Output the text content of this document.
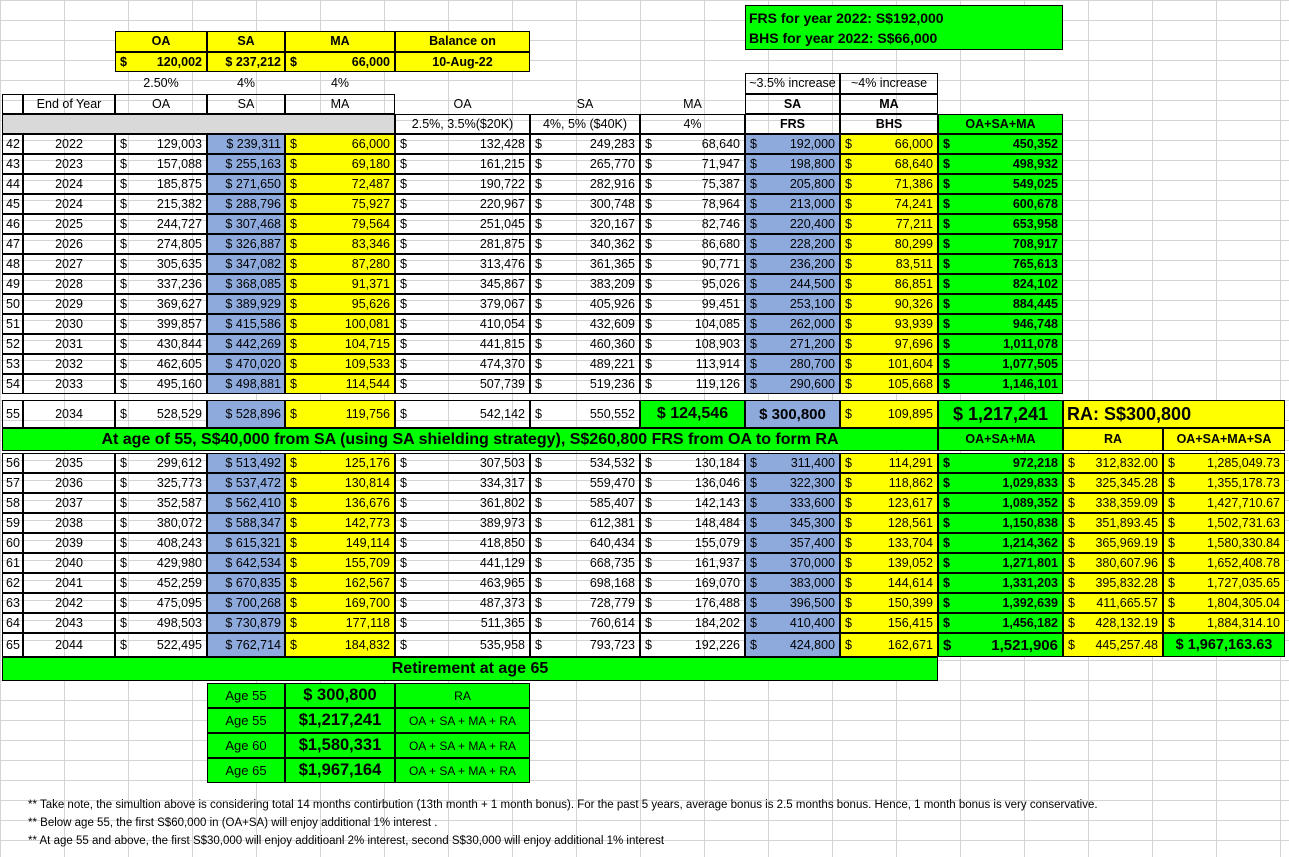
FRS for year 2022: S$192,000
BHS for year 2022: S$66,000
OA	SA	MA	Balance on
$ 120,002	$ 237,212 $	66,000	10-Aug-22
2.50%	4%	4%	~3.5% increase	~4% increase
End of Year	OA	SA	MA	OA	SA	MA	SA	MA
2.5%, 3.5%($20K)	4%, 5% ($40K)	4%	FRS	BHS	OA+SA+MA
42	2022	$ 129,003	$ 239,311 $	66,000 $	132,428 $	249,283 $	68,640 $	192,000 $	66,000 $	450,352
43	2023	$ 157,088	$ 255,163 $	69,180 $	161,215 $	265,770 $	71,947 $	198,800 $	68,640 $	498,932
44	2024	$ 185,875	$ 271,650 $	72,487 $	190,722 $	282,916 $	75,387 $	205,800 $	71,386 $	549,025
45	2024	$ 215,382	$ 288,796 $	75,927 $	220,967 $	300,748 $	78,964 $	213,000 $	74,241 $	600,678
46	2025	$ 244,727	$ 307,468 $	79,564 $	251,045 $	320,167 $	82,746 $	220,400 $	77,211 $	653,958
47	2026	$ 274,805	$ 326,887 $	83,346 $	281,875 $	340,362 $	86,680 $	228,200 $	80,299 $	708,917
48	2027	$ 305,635	$ 347,082 $	87,280 $	313,476 $	361,365 $	90,771 $	236,200 $	83,511 $	765,613
49	2028	$ 337,236	$ 368,085 $	91,371 $	345,867 $	383,209 $	95,026 $	244,500 $	86,851 $	824,102
50	2029	$ 369,627	$ 389,929 $	95,626 $	379,067 $	405,926 $	99,451 $	253,100 $	90,326 $	884,445
51	2030	$ 399,857	$ 415,586 $	100,081 $	410,054 $	432,609 $	104,085 $	262,000 $	93,939 $	946,748
52	2031	$ 430,844	$ 442,269 $	104,715 $	441,815 $	460,360 $	108,903 $	271,200 $	97,696 $	1,011,078
53	2032	$ 462,605	$ 470,020 $	109,533 $	474,370 $	489,221 $	113,914 $	280,700 $	101,604 $	1,077,505
54	2033	$ 495,160	$ 498,881 $	114,544 $	507,739 $	519,236 $	119,126 $	290,600 $	105,668 $	1,146,101
55	2034	$ 528,529	$ 528,896 $	119,756 $	542,142 $	550,552	$ 124,546	$ 300,800	$	109,895	$ 1,217,241	RA: S$300,800
At age of 55, S$40,000 from SA (using SA shielding strategy), S$260,800 FRS from OA to form RA	OA+SA+MA	RA	OA+SA+MA+SA
56	2035	$ 299,612	$ 513,492 $	125,176 $	307,503 $	534,532 $	130,184 $	311,400 $	114,291 $	972,218 $ 312,832.00 $	1,285,049.73
57	2036	$ 325,773	$ 537,472 $	130,814 $	334,317 $	559,470 $	136,046 $	322,300 $	118,862 $	1,029,833 $ 325,345.28 $	1,355,178.73
58	2037	$ 352,587	$ 562,410 $	136,676 $	361,802 $	585,407 $	142,143 $	333,600 $	123,617 $	1,089,352 $ 338,359.09 $	1,427,710.67
59	2038	$ 380,072	$ 588,347 $	142,773 $	389,973 $	612,381 $	148,484 $	345,300 $	128,561 $	1,150,838 $ 351,893.45 $	1,502,731.63
60	2039	$ 408,243	$ 615,321 $	149,114 $	418,850 $	640,434 $	155,079 $	357,400 $	133,704 $	1,214,362 $ 365,969.19 $	1,580,330.84
61	2040	$ 429,980	$ 642,534 $	155,709 $	441,129 $	668,735 $	161,937 $	370,000 $	139,052 $	1,271,801 $ 380,607.96 $	1,652,408.78
62	2041	$ 452,259	$ 670,835 $	162,567 $	463,965 $	698,168 $	169,070 $	383,000 $	144,614 $	1,331,203 $ 395,832.28 $	1,727,035.65
63	2042	$ 475,095	$ 700,268 $	169,700 $	487,373 $	728,779 $	176,488 $	396,500 $	150,399 $	1,392,639 $ 411,665.57 $	1,804,305.04
64	2043	$ 498,503	$ 730,879 $	177,118 $	511,365 $	760,614 $	184,202 $	410,400 $	156,415 $	1,456,182 $ 428,132.19 $	1,884,314.10
65	2044	$ 522,495	$ 762,714 $	184,832 $	535,958 $	793,723 $	192,226 $	424,800 $	162,671 $	1,521,906 $ 445,257.48	$ 1,967,163.63
Retirement at age 65
Age 55	$ 300,800	RA
Age 55	$1,217,241	OA + SA + MA + RA
Age 60	$1,580,331	OA + SA + MA + RA
Age 65	$1,967,164	OA + SA + MA + RA
** Take note, the simultion above is considering total 14 months contirbution (13th month + 1 month bonus). For the past 5 years, average bonus is 2.5 months bonus. Hence, 1 month bonus is very conservative.
** Below age 55, the first S$60,000 in (OA+SA) will enjoy additional 1% interest .
** At age 55 and above, the first S$30,000 will enjoy additioanl 2% interest, second S$30,000 will enjoy additional 1% interest
